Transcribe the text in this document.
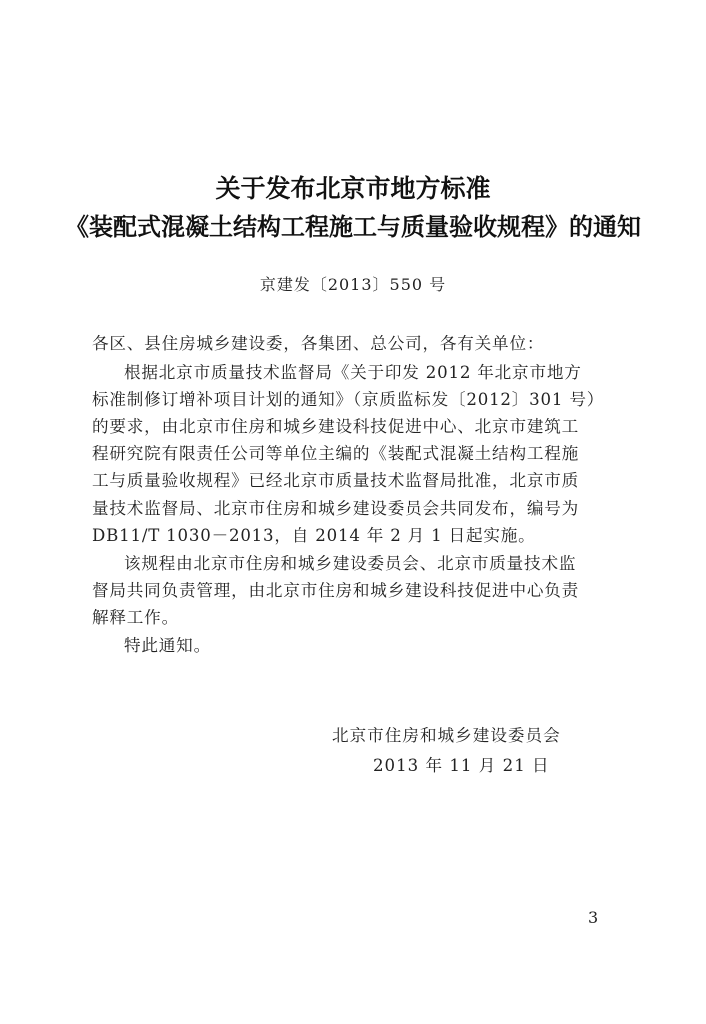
关于发布北京市地方标准
《装配式混凝土结构工程施工与质量验收规程》的通知
京建发〔2013〕550 号
各区、县住房城乡建设委，各集团、总公司，各有关单位：
根据北京市质量技术监督局《关于印发 2012 年北京市地方
标准制修订增补项目计划的通知》（京质监标发〔2012〕301 号）
的要求，由北京市住房和城乡建设科技促进中心、北京市建筑工
程研究院有限责任公司等单位主编的《装配式混凝土结构工程施
工与质量验收规程》已经北京市质量技术监督局批准，北京市质
量技术监督局、北京市住房和城乡建设委员会共同发布，编号为
DB11/T 1030－2013，自 2014 年 2 月 1 日起实施。
该规程由北京市住房和城乡建设委员会、北京市质量技术监
督局共同负责管理，由北京市住房和城乡建设科技促进中心负责
解释工作。
特此通知。
北京市住房和城乡建设委员会
2013 年 11 月 21 日
3
